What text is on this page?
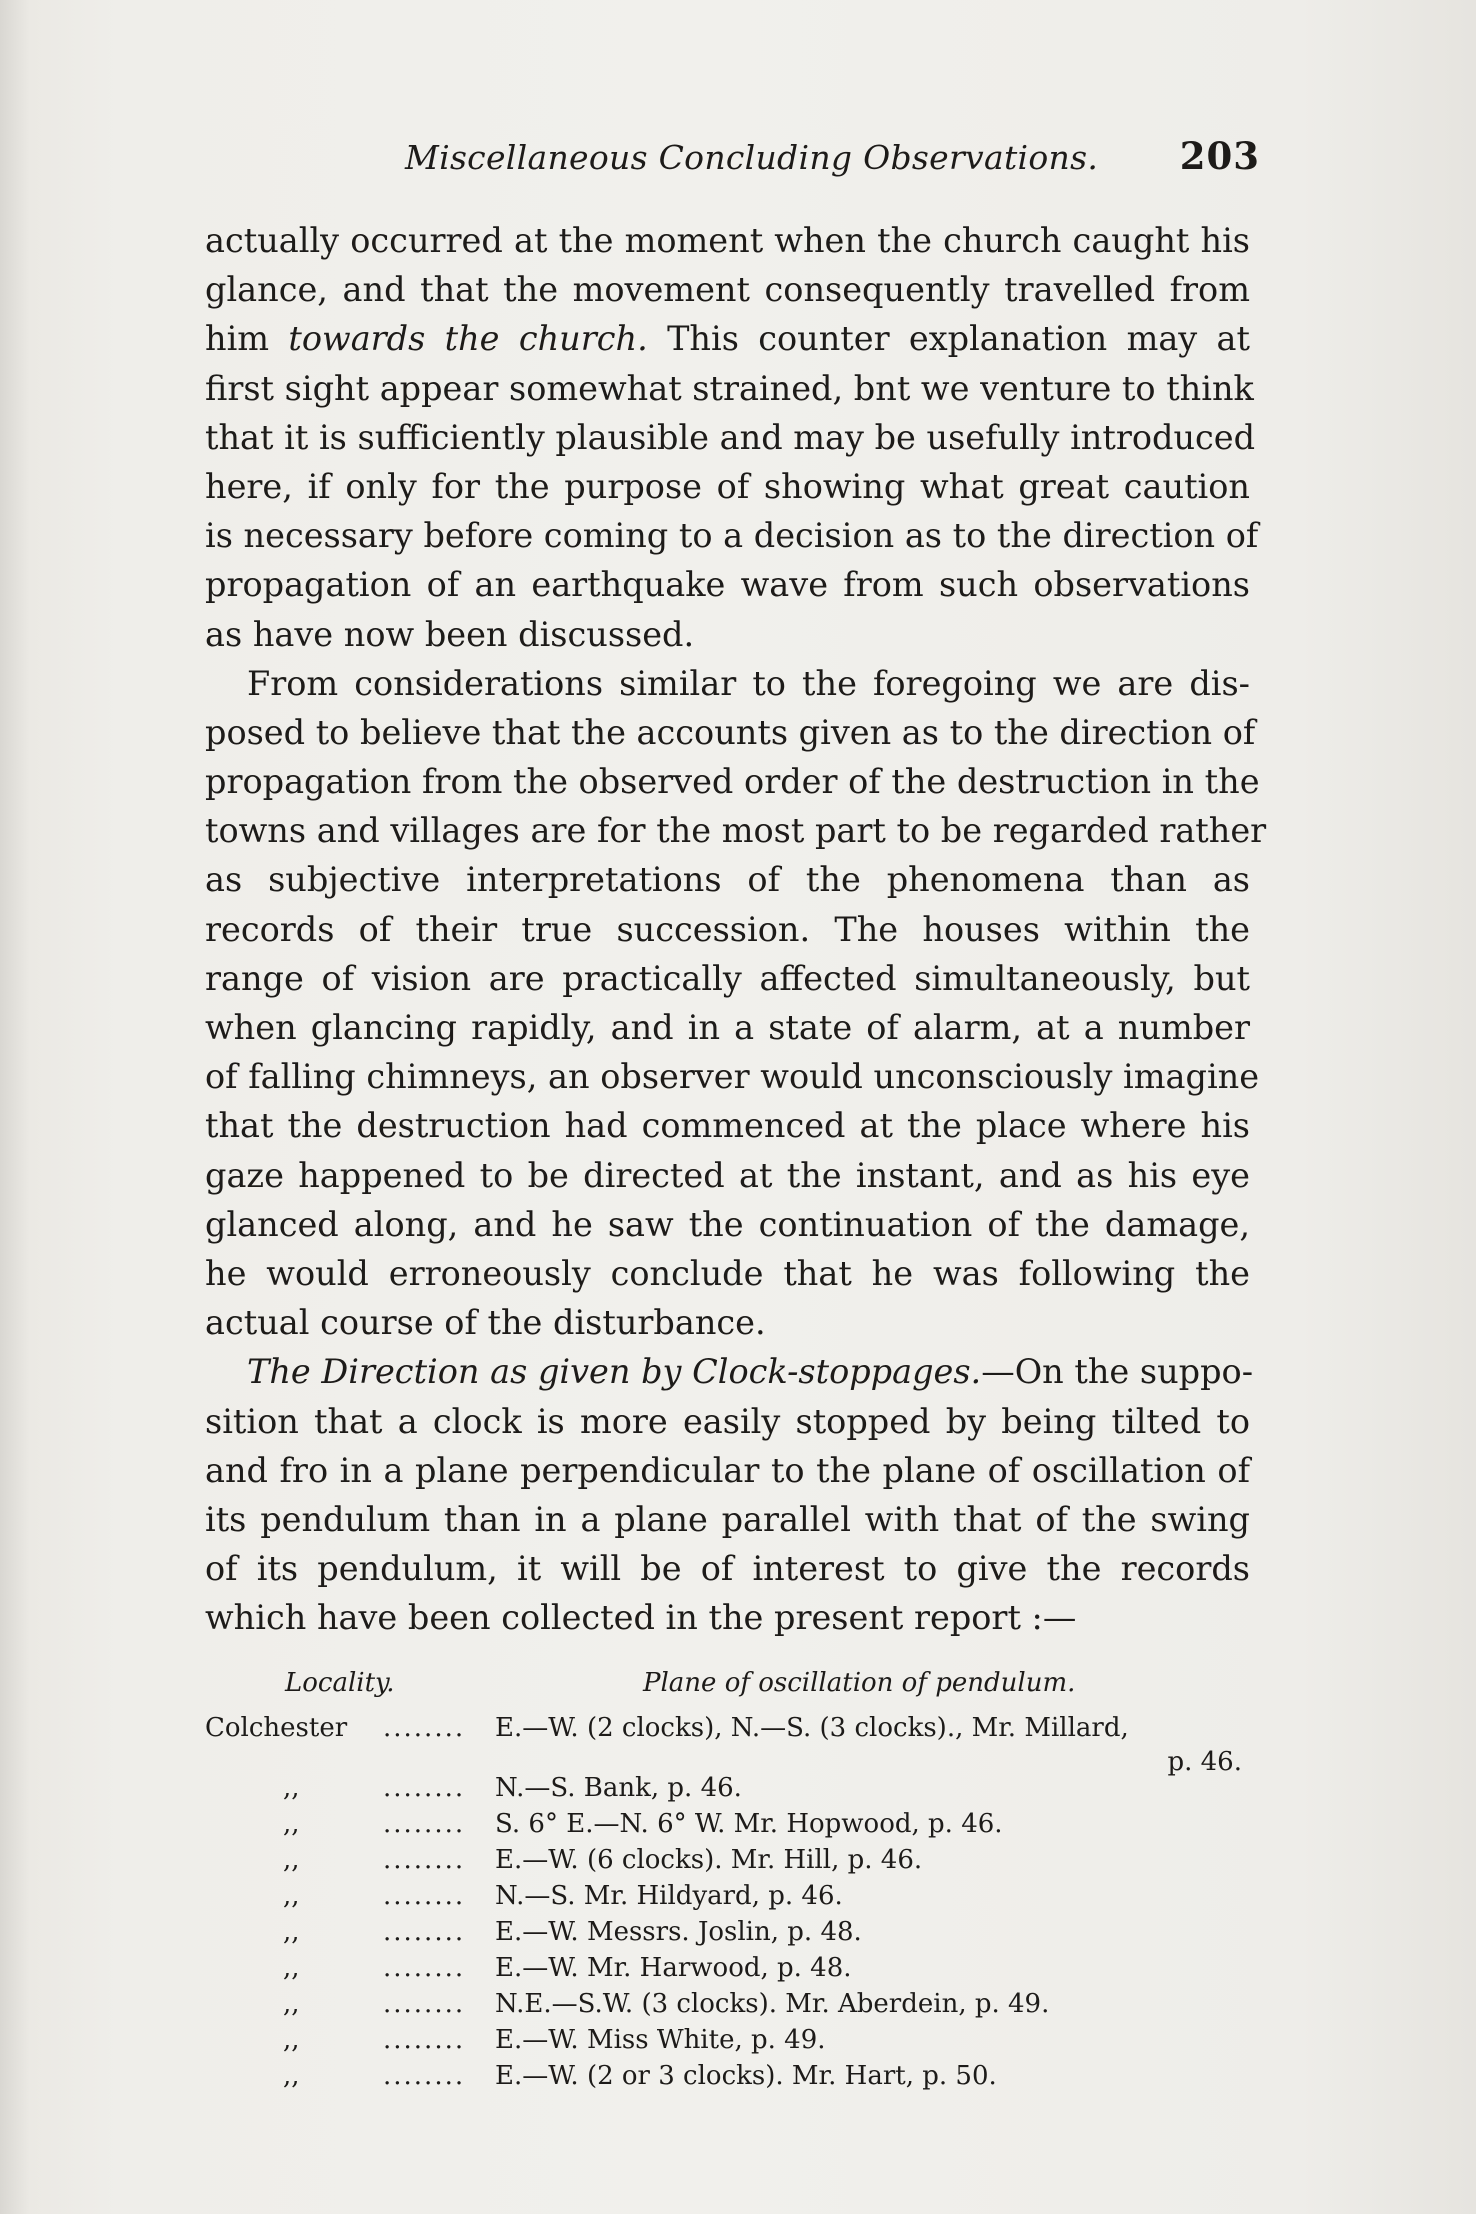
Miscellaneous Concluding Observations. 203
actually occurred at the moment when the church caught his
glance, and that the movement consequently travelled from
him towards the church. This counter explanation may at
first sight appear somewhat strained, bnt we venture to think
that it is sufficiently plausible and may be usefully introduced
here, if only for the purpose of showing what great caution
is necessary before coming to a decision as to the direction of
propagation of an earthquake wave from such observations
as have now been discussed.
From considerations similar to the foregoing we are dis-
posed to believe that the accounts given as to the direction of
propagation from the observed order of the destruction in the
towns and villages are for the most part to be regarded rather
as subjective interpretations of the phenomena than as
records of their true succession. The houses within the
range of vision are practically affected simultaneously, but
when glancing rapidly, and in a state of alarm, at a number
of falling chimneys, an observer would unconsciously imagine
that the destruction had commenced at the place where his
gaze happened to be directed at the instant, and as his eye
glanced along, and he saw the continuation of the damage,
he would erroneously conclude that he was following the
actual course of the disturbance.
The Direction as given by Clock-stoppages.—On the suppo-
sition that a clock is more easily stopped by being tilted to
and fro in a plane perpendicular to the plane of oscillation of
its pendulum than in a plane parallel with that of the swing
of its pendulum, it will be of interest to give the records
which have been collected in the present report :—
Locality.	Plane of oscillation of pendulum.
Colchester ........ E.—W. (2 clocks), N.—S. (3 clocks)., Mr. Millard,
p. 46.
,,	........ N.—S. Bank, p. 46.
,,	........ S. 6° E.—N. 6° W. Mr. Hopwood, p. 46.
,,	........ E.—W. (6 clocks). Mr. Hill, p. 46.
,,	........ N.—S. Mr. Hildyard, p. 46.
,,	........ E.—W. Messrs. Joslin, p. 48.
,,	........ E.—W. Mr. Harwood, p. 48.
,,	........ N.E.—S.W. (3 clocks). Mr. Aberdein, p. 49.
,,	........ E.—W. Miss White, p. 49.
,,	........ E.—W. (2 or 3 clocks). Mr. Hart, p. 50.
